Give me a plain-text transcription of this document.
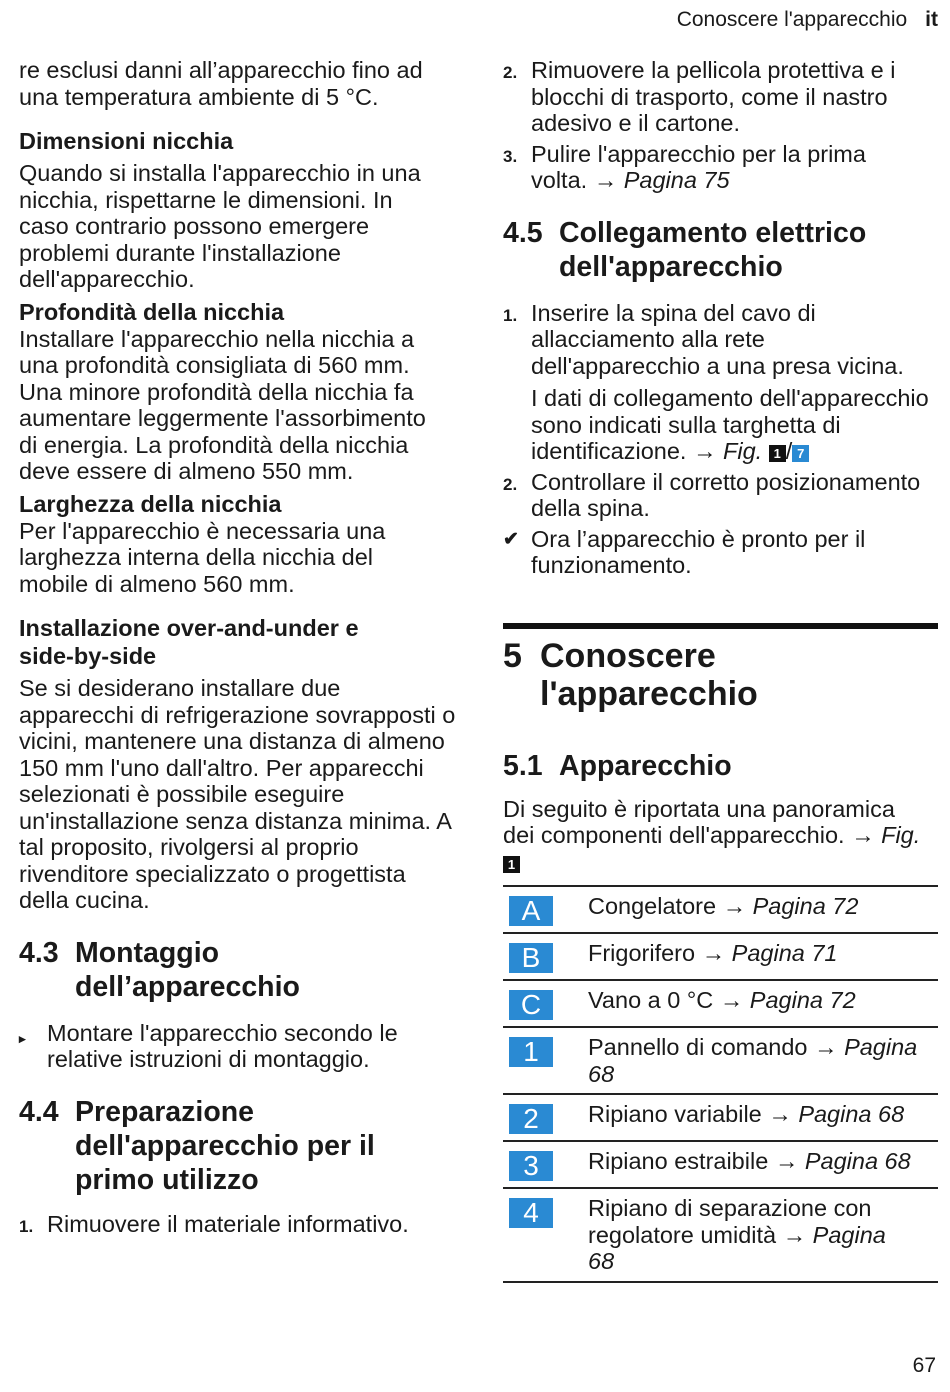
Conoscere l'apparecchio it

re esclusi danni all’apparecchio fino ad una temperatura ambiente di 5 °C.

Dimensioni nicchia

Quando si installa l'apparecchio in una nicchia, rispettarne le dimensioni. In caso contrario possono emergere problemi durante l'installazione dell'apparecchio.

Profondità della nicchia

Installare l'apparecchio nella nicchia a una profondità consigliata di 560 mm.

Una minore profondità della nicchia fa aumentare leggermente l'assorbimento di energia. La profondità della nicchia deve essere di almeno 550 mm.

Larghezza della nicchia

Per l'apparecchio è necessaria una larghezza interna della nicchia del mobile di almeno 560 mm.

Installazione over-and-under e side-by-side

Se si desiderano installare due apparecchi di refrigerazione sovrapposti o vicini, mantenere una distanza di almeno 150 mm l'uno dall'altro. Per apparecchi selezionati è possibile eseguire un'installazione senza distanza minima. A tal proposito, rivolgersi al proprio rivenditore specializzato o progettista della cucina.

4.3 Montaggio dell’apparecchio
▸ Montare l'apparecchio secondo le relative istruzioni di montaggio.
4.4 Preparazione dell'apparecchio per il primo utilizzo
1. Rimuovere il materiale informativo.
2. Rimuovere la pellicola protettiva e i blocchi di trasporto, come il nastro adesivo e il cartone.
3. Pulire l'apparecchio per la prima volta. → Pagina 75
4.5 Collegamento elettrico dell'apparecchio
1. Inserire la spina del cavo di allacciamento alla rete dell'apparecchio a una presa vicina.
I dati di collegamento dell'apparecchio sono indicati sulla targhetta di identificazione. → Fig. 1 / 7
2. Controllare il corretto posizionamento della spina.
✔ Ora l’apparecchio è pronto per il funzionamento.
5 Conoscere l'apparecchio
5.1 Apparecchio

Di seguito è riportata una panoramica dei componenti dell'apparecchio. → Fig. 1

A	Congelatore → Pagina 72
B	Frigorifero → Pagina 71
C	Vano a 0 °C → Pagina 72
1	Pannello di comando → Pagina 68
2	Ripiano variabile → Pagina 68
3	Ripiano estraibile → Pagina 68
4	Ripiano di separazione con regolatore umidità → Pagina 68
67
